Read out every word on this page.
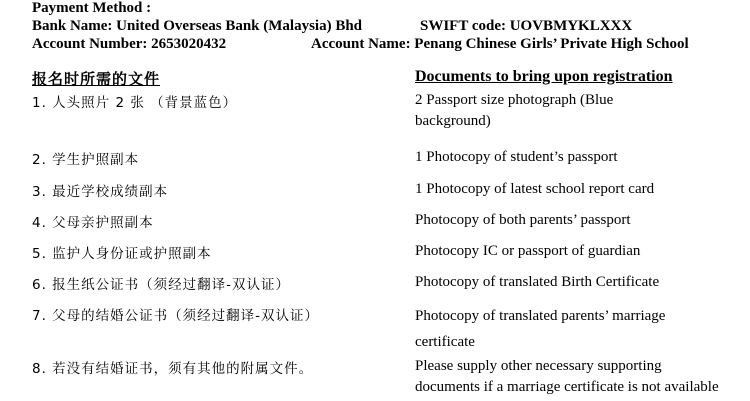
Payment Method :
Bank Name: United Overseas Bank (Malaysia) Bhd	SWIFT code: UOVBMYKLXXX
Account Number: 2653020432	Account Name: Penang Chinese Girls’ Private High School
报名时所需的文件	Documents to bring upon registration
1. 人头照片 2 张 （背景蓝色）	2 Passport size photograph (Blue
background)
2. 学生护照副本	1 Photocopy of student’s passport
3. 最近学校成绩副本	1 Photocopy of latest school report card
4. 父母亲护照副本	Photocopy of both parents’ passport
5. 监护人身份证或护照副本	Photocopy IC or passport of guardian
6. 报生纸公证书（须经过翻译-双认证）	Photocopy of translated Birth Certificate
7. 父母的结婚公证书（须经过翻译-双认证）	Photocopy of translated parents’ marriage
certificate
8. 若没有结婚证书，须有其他的附属文件。	Please supply other necessary supporting
documents if a marriage certificate is not available
